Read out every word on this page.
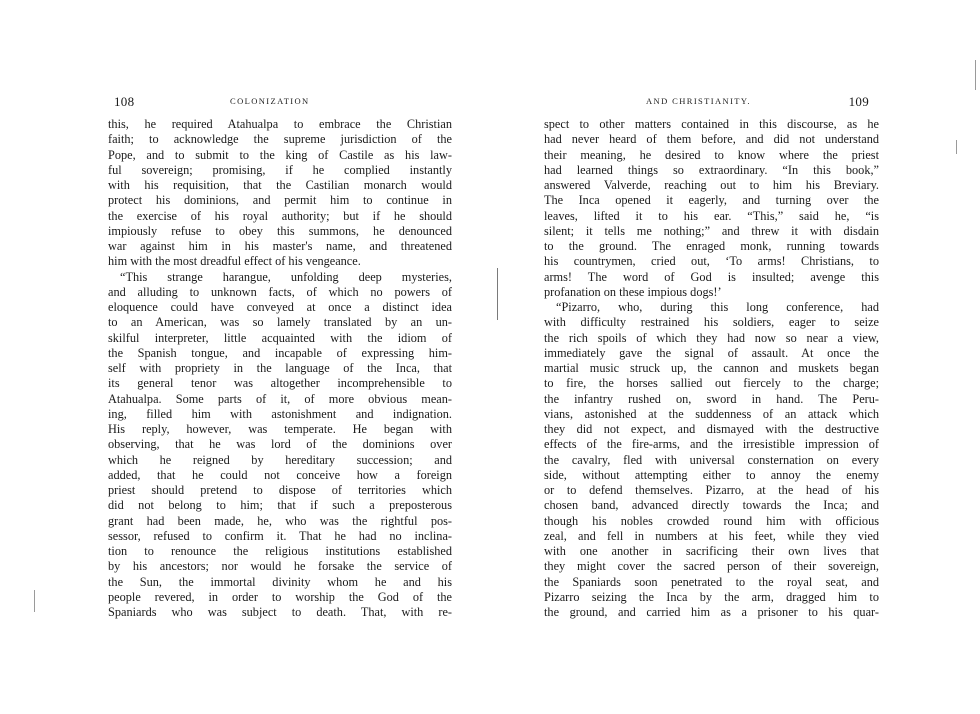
108	COLONIZATION
this, he required Atahualpa to embrace the Christian
faith; to acknowledge the supreme jurisdiction of the
Pope, and to submit to the king of Castile as his law-
ful sovereign; promising, if he complied instantly
with his requisition, that the Castilian monarch would
protect his dominions, and permit him to continue in
the exercise of his royal authority; but if he should
impiously refuse to obey this summons, he denounced
war against him in his master's name, and threatened
him with the most dreadful effect of his vengeance.
“This strange harangue, unfolding deep mysteries,
and alluding to unknown facts, of which no powers of
eloquence could have conveyed at once a distinct idea
to an American, was so lamely translated by an un-
skilful interpreter, little acquainted with the idiom of
the Spanish tongue, and incapable of expressing him-
self with propriety in the language of the Inca, that
its general tenor was altogether incomprehensible to
Atahualpa. Some parts of it, of more obvious mean-
ing, filled him with astonishment and indignation.
His reply, however, was temperate. He began with
observing, that he was lord of the dominions over
which he reigned by hereditary succession; and
added, that he could not conceive how a foreign
priest should pretend to dispose of territories which
did not belong to him; that if such a preposterous
grant had been made, he, who was the rightful pos-
sessor, refused to confirm it. That he had no inclina-
tion to renounce the religious institutions established
by his ancestors; nor would he forsake the service of
the Sun, the immortal divinity whom he and his
people revered, in order to worship the God of the
Spaniards who was subject to death. That, with re-
AND CHRISTIANITY.	109
spect to other matters contained in this discourse, as he
had never heard of them before, and did not understand
their meaning, he desired to know where the priest
had learned things so extraordinary. “In this book,”
answered Valverde, reaching out to him his Breviary.
The Inca opened it eagerly, and turning over the
leaves, lifted it to his ear. “This,” said he, “is
silent; it tells me nothing;” and threw it with disdain
to the ground. The enraged monk, running towards
his countrymen, cried out, ‘To arms! Christians, to
arms! The word of God is insulted; avenge this
profanation on these impious dogs!’
“Pizarro, who, during this long conference, had
with difficulty restrained his soldiers, eager to seize
the rich spoils of which they had now so near a view,
immediately gave the signal of assault. At once the
martial music struck up, the cannon and muskets began
to fire, the horses sallied out fiercely to the charge;
the infantry rushed on, sword in hand. The Peru-
vians, astonished at the suddenness of an attack which
they did not expect, and dismayed with the destructive
effects of the fire-arms, and the irresistible impression of
the cavalry, fled with universal consternation on every
side, without attempting either to annoy the enemy
or to defend themselves. Pizarro, at the head of his
chosen band, advanced directly towards the Inca; and
though his nobles crowded round him with officious
zeal, and fell in numbers at his feet, while they vied
with one another in sacrificing their own lives that
they might cover the sacred person of their sovereign,
the Spaniards soon penetrated to the royal seat, and
Pizarro seizing the Inca by the arm, dragged him to
the ground, and carried him as a prisoner to his quar-
